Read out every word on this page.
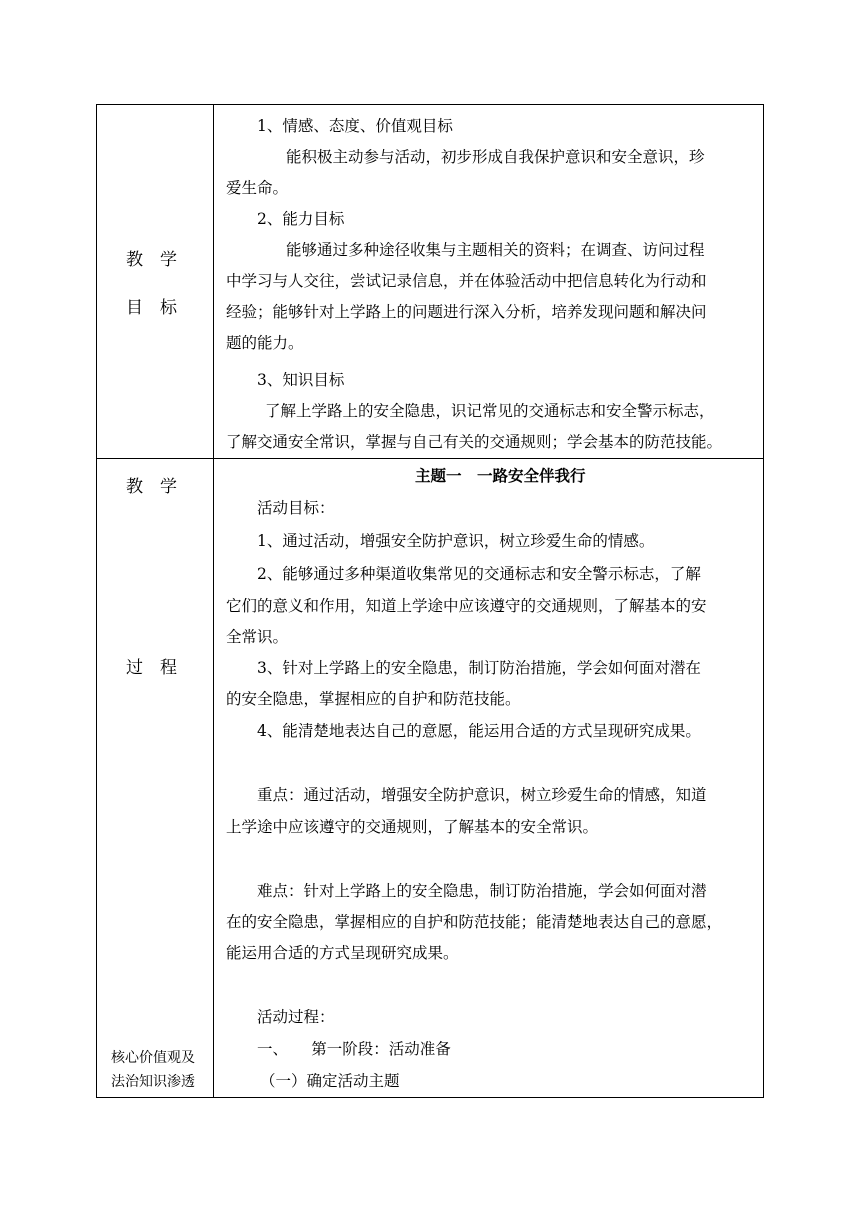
教　学
目　标
教　学
过　程
核心价值观及
法治知识渗透
1、情感、态度、价值观目标
能积极主动参与活动，初步形成自我保护意识和安全意识，珍
爱生命。
2、能力目标
能够通过多种途径收集与主题相关的资料；在调查、访问过程
中学习与人交往，尝试记录信息，并在体验活动中把信息转化为行动和
经验；能够针对上学路上的问题进行深入分析，培养发现问题和解决问
题的能力。
3、知识目标
了解上学路上的安全隐患，识记常见的交通标志和安全警示标志，
了解交通安全常识，掌握与自己有关的交通规则；学会基本的防范技能。
主题一　一路安全伴我行
活动目标：
1、通过活动，增强安全防护意识，树立珍爱生命的情感。
2、能够通过多种渠道收集常见的交通标志和安全警示标志，了解
它们的意义和作用，知道上学途中应该遵守的交通规则，了解基本的安
全常识。
3、针对上学路上的安全隐患，制订防治措施，学会如何面对潜在
的安全隐患，掌握相应的自护和防范技能。
4、能清楚地表达自己的意愿，能运用合适的方式呈现研究成果。
重点：通过活动，增强安全防护意识，树立珍爱生命的情感，知道
上学途中应该遵守的交通规则，了解基本的安全常识。
难点：针对上学路上的安全隐患，制订防治措施，学会如何面对潜
在的安全隐患，掌握相应的自护和防范技能；能清楚地表达自己的意愿，
能运用合适的方式呈现研究成果。
活动过程：
一、　　第一阶段：活动准备
（一）确定活动主题
